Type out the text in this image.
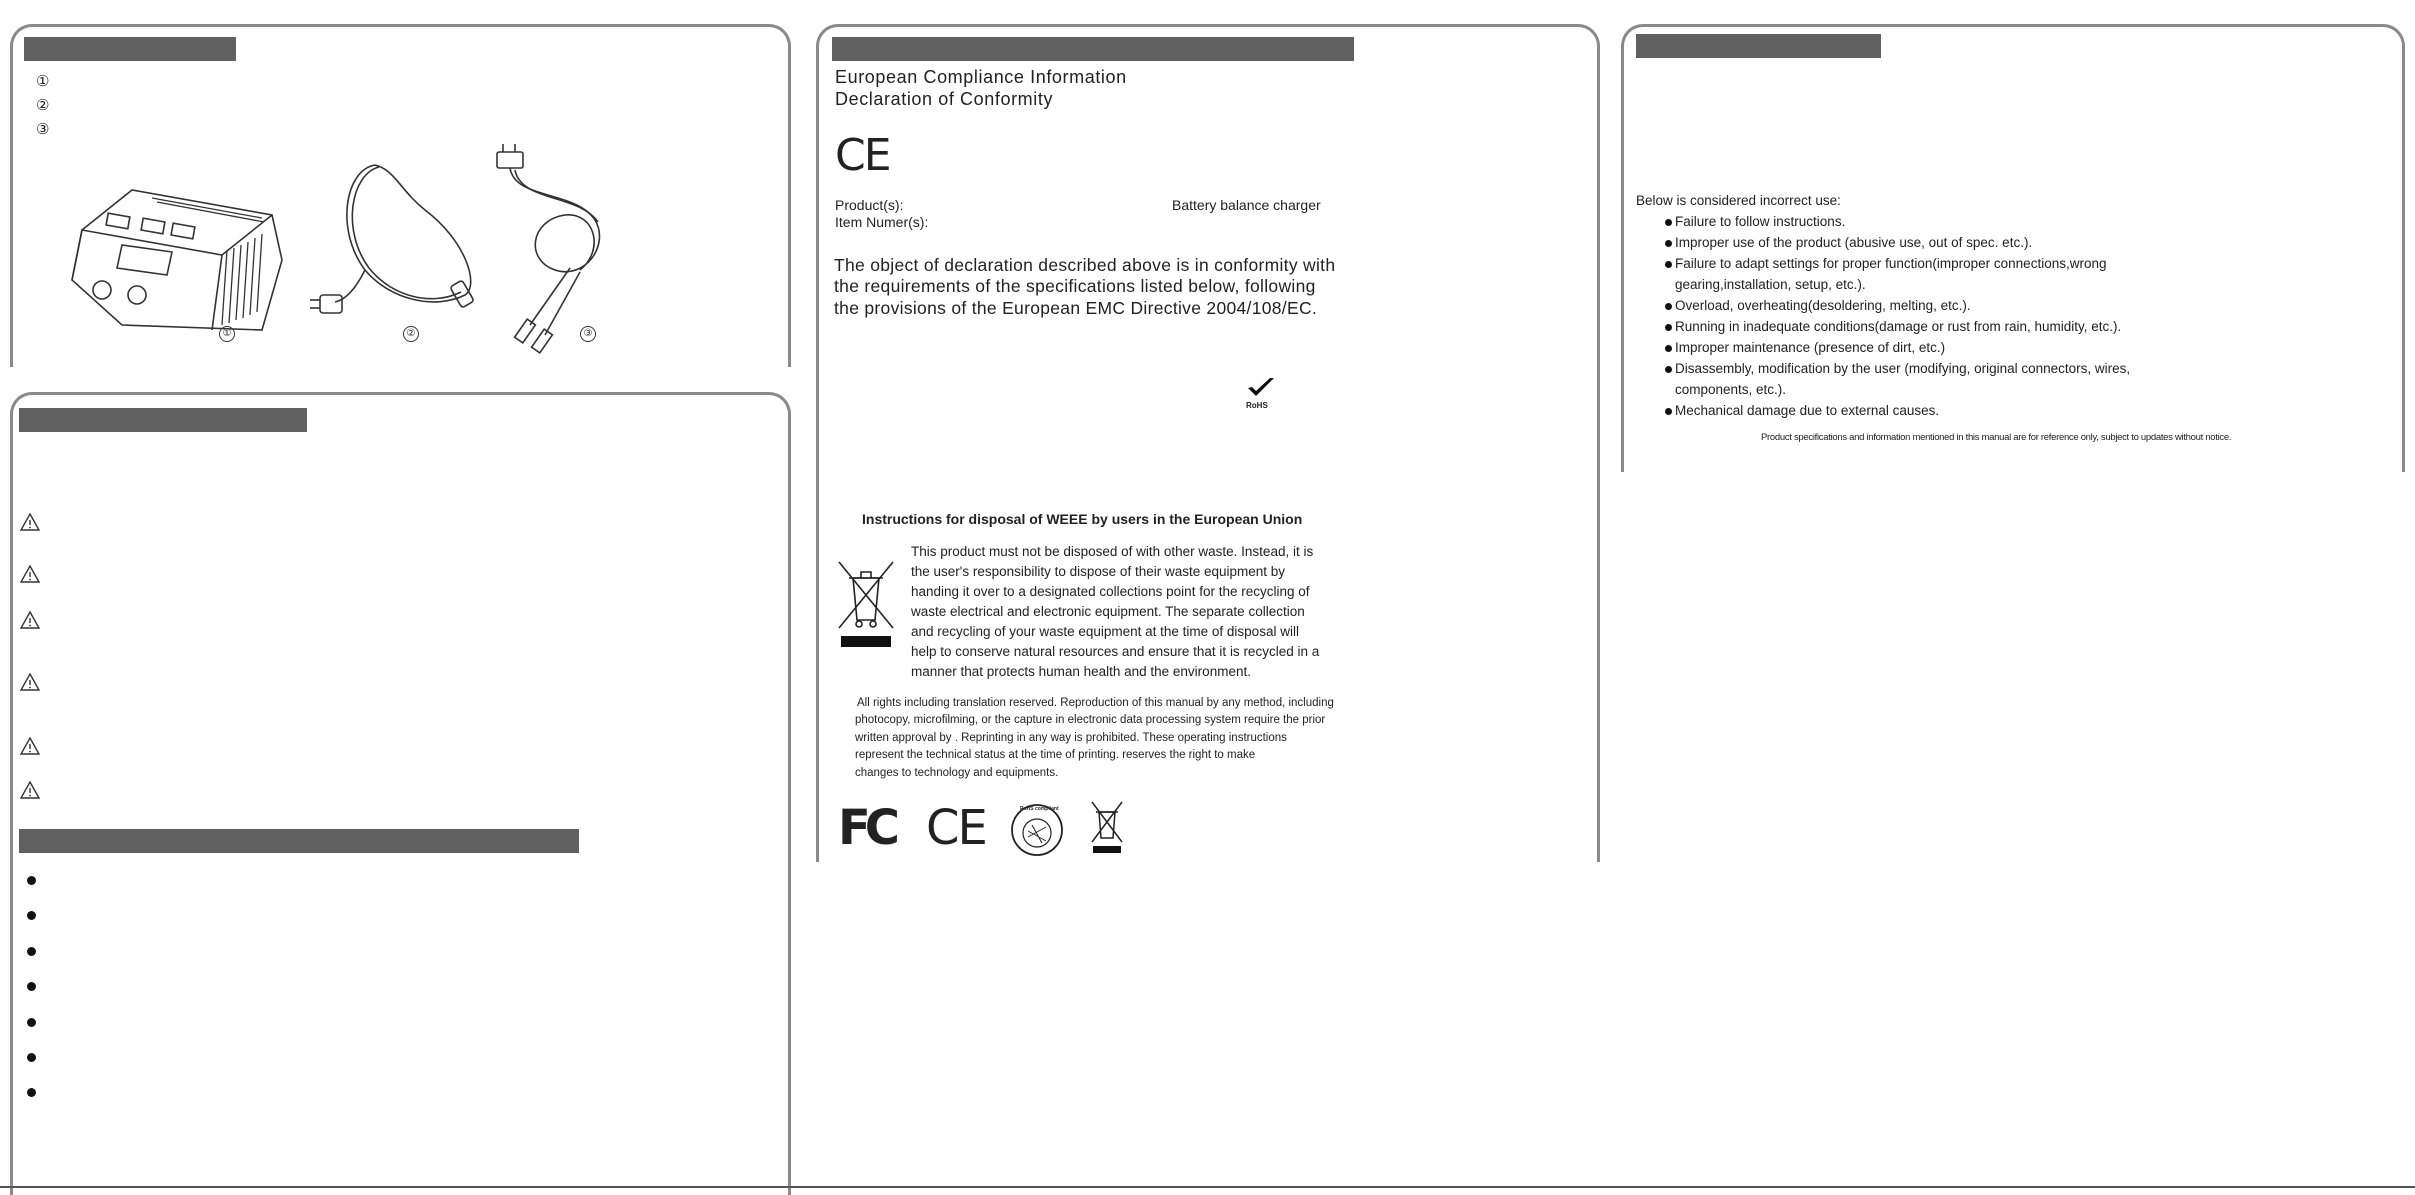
①
②
③
①	②	③
European Compliance Information
Declaration of Conformity
CE
Product(s):	Battery balance charger
Item Numer(s):
The object of declaration described above is in conformity with
the requirements of the specifications listed below, following
the provisions of the European EMC Directive 2004/108/EC.
RoHS
Instructions for disposal of WEEE by users in the European Union
This product must not be disposed of with other waste. Instead, it is
the user's responsibility to dispose of their waste equipment by
handing it over to a designated collections point for the recycling of
waste electrical and electronic equipment. The separate collection
and recycling of your waste equipment at the time of disposal will
help to conserve natural resources and ensure that it is recycled in a
manner that protects human health and the environment.
All rights including translation reserved. Reproduction of this manual by any method, including
photocopy, microfilming, or the capture in electronic data processing system require the prior
written approval by . Reprinting in any way is prohibited. These operating instructions
represent the technical status at the time of printing. reserves the right to make
changes to technology and equipments.
FC CE	RoHS compliant
Below is considered incorrect use:
Failure to follow instructions.
Improper use of the product (abusive use, out of spec. etc.).
Failure to adapt settings for proper function(improper connections,wrong
gearing,installation, setup, etc.).
Overload, overheating(desoldering, melting, etc.).
Running in inadequate conditions(damage or rust from rain, humidity, etc.).
Improper maintenance (presence of dirt, etc.)
Disassembly, modification by the user (modifying, original connectors, wires,
components, etc.).
Mechanical damage due to external causes.
Product specifications and information mentioned in this manual are for reference only, subject to updates without notice.
